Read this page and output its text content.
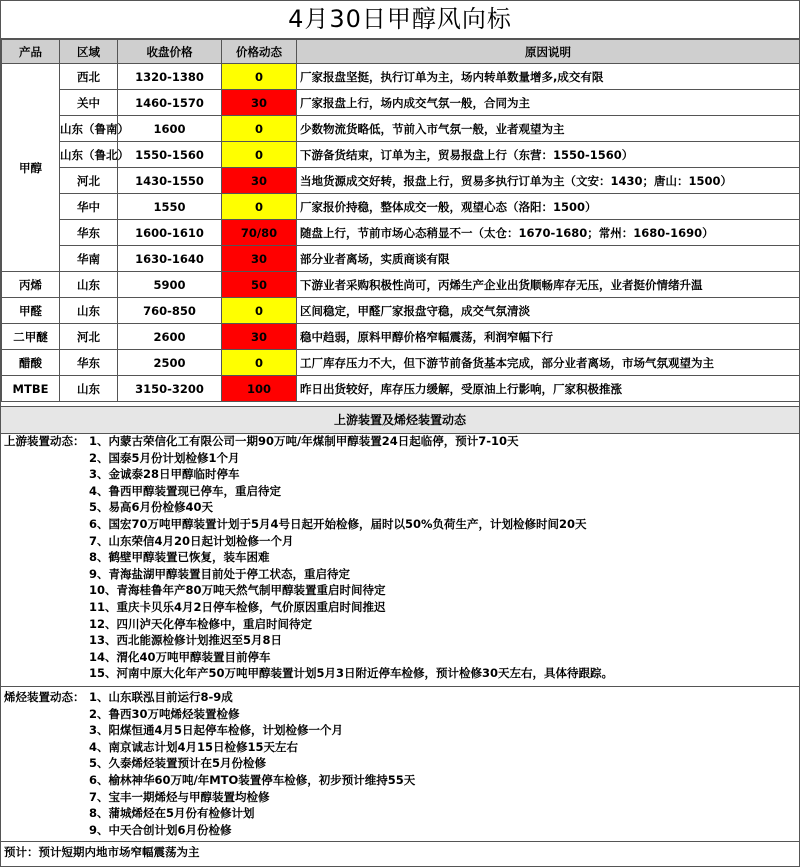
4月30日甲醇风向标
产品	区域	收盘价格	价格动态	原因说明
甲醇	西北	1320-1380	0	厂家报盘坚挺，执行订单为主，场内转单数量增多,成交有限
	关中	1460-1570	30	厂家报盘上行，场内成交气氛一般，合同为主
	山东（鲁南）	1600	0	少数物流货略低，节前入市气氛一般，业者观望为主
	山东（鲁北）	1550-1560	0	下游备货结束，订单为主，贸易报盘上行（东营：1550-1560）
	河北	1430-1550	30	当地货源成交好转，报盘上行，贸易多执行订单为主（文安：1430；唐山：1500）
	华中	1550	0	厂家报价持稳，整体成交一般，观望心态（洛阳：1500）
	华东	1600-1610	70/80	随盘上行，节前市场心态稍显不一（太仓：1670-1680；常州：1680-1690）
	华南	1630-1640	30	部分业者离场，实质商谈有限
丙烯	山东	5900	50	下游业者采购积极性尚可，丙烯生产企业出货顺畅库存无压，业者挺价情绪升温
甲醛	山东	760-850	0	区间稳定，甲醛厂家报盘守稳，成交气氛清淡
二甲醚	河北	2600	30	稳中趋弱，原料甲醇价格窄幅震荡，利润窄幅下行
醋酸	华东	2500	0	工厂库存压力不大，但下游节前备货基本完成，部分业者离场，市场气氛观望为主
MTBE	山东	3150-3200	100	昨日出货较好，库存压力缓解，受原油上行影响，厂家积极推涨
上游装置及烯烃装置动态
上游装置动态： 1、内蒙古荣信化工有限公司一期90万吨/年煤制甲醇装置24日起临停，预计7-10天
2、国泰5月份计划检修1个月
3、金诚泰28日甲醇临时停车
4、鲁西甲醇装置现已停车，重启待定
5、易高6月份检修40天
6、国宏70万吨甲醇装置计划于5月4号日起开始检修，届时以50%负荷生产，计划检修时间20天
7、山东荣信4月20日起计划检修一个月
8、鹤壁甲醇装置已恢复，装车困难
9、青海盐湖甲醇装置目前处于停工状态，重启待定
10、青海桂鲁年产80万吨天然气制甲醇装置重启时间待定
11、重庆卡贝乐4月2日停车检修，气价原因重启时间推迟
12、四川泸天化停车检修中，重启时间待定
13、西北能源检修计划推迟至5月8日
14、渭化40万吨甲醇装置目前停车
15、河南中原大化年产50万吨甲醇装置计划5月3日附近停车检修，预计检修30天左右，具体待跟踪。
烯烃装置动态： 1、山东联泓目前运行8-9成
2、鲁西30万吨烯烃装置检修
3、阳煤恒通4月5日起停车检修，计划检修一个月
4、南京诚志计划4月15日检修15天左右
5、久泰烯烃装置预计在5月份检修
6、榆林神华60万吨/年MTO装置停车检修，初步预计维持55天
7、宝丰一期烯烃与甲醇装置均检修
8、蒲城烯烃在5月份有检修计划
9、中天合创计划6月份检修
预计：预计短期内地市场窄幅震荡为主
